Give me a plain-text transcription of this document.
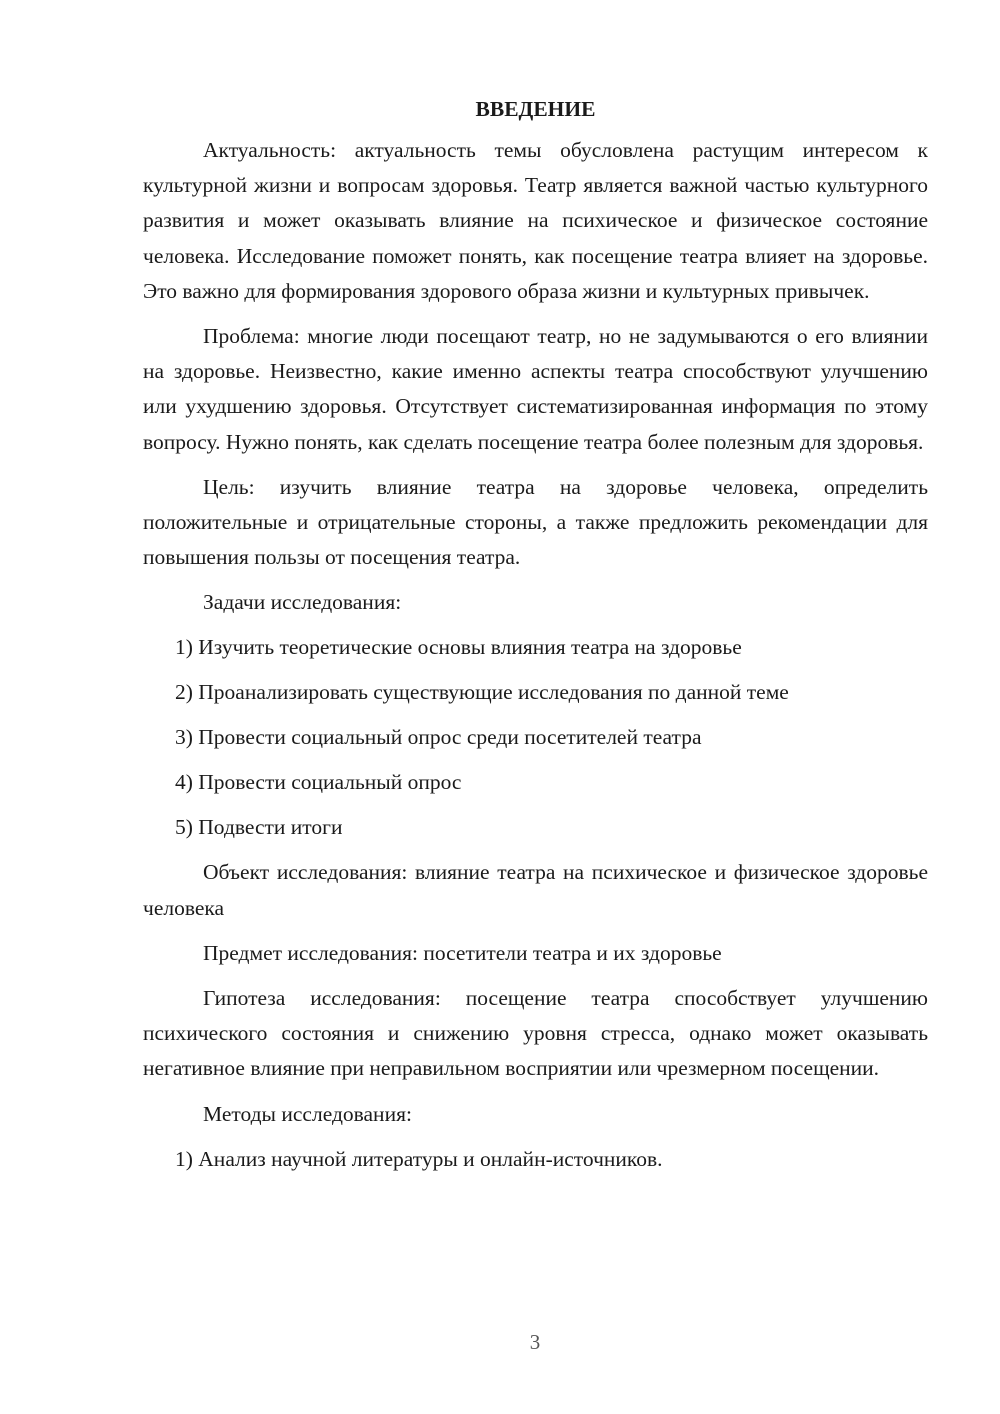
ВВЕДЕНИЕ

Актуальность: актуальность темы обусловлена растущим интересом к культурной жизни и вопросам здоровья. Театр является важной частью культурного развития и может оказывать влияние на психическое и физическое состояние человека. Исследование поможет понять, как посещение театра влияет на здоровье. Это важно для формирования здорового образа жизни и культурных привычек.

Проблема: многие люди посещают театр, но не задумываются о его влиянии на здоровье. Неизвестно, какие именно аспекты театра способствуют улучшению или ухудшению здоровья. Отсутствует систематизированная информация по этому вопросу. Нужно понять, как сделать посещение театра более полезным для здоровья.

Цель: изучить влияние театра на здоровье человека, определить положительные и отрицательные стороны, а также предложить рекомендации для повышения пользы от посещения театра.

Задачи исследования:
1) Изучить теоретические основы влияния театра на здоровье
2) Проанализировать существующие исследования по данной теме
3) Провести социальный опрос среди посетителей театра
4) Провести социальный опрос
5) Подвести итоги

Объект исследования: влияние театра на психическое и физическое здоровье человека

Предмет исследования: посетители театра и их здоровье

Гипотеза исследования: посещение театра способствует улучшению психического состояния и снижению уровня стресса, однако может оказывать негативное влияние при неправильном восприятии или чрезмерном посещении.

Методы исследования:
1) Анализ научной литературы и онлайн-источников.
3
